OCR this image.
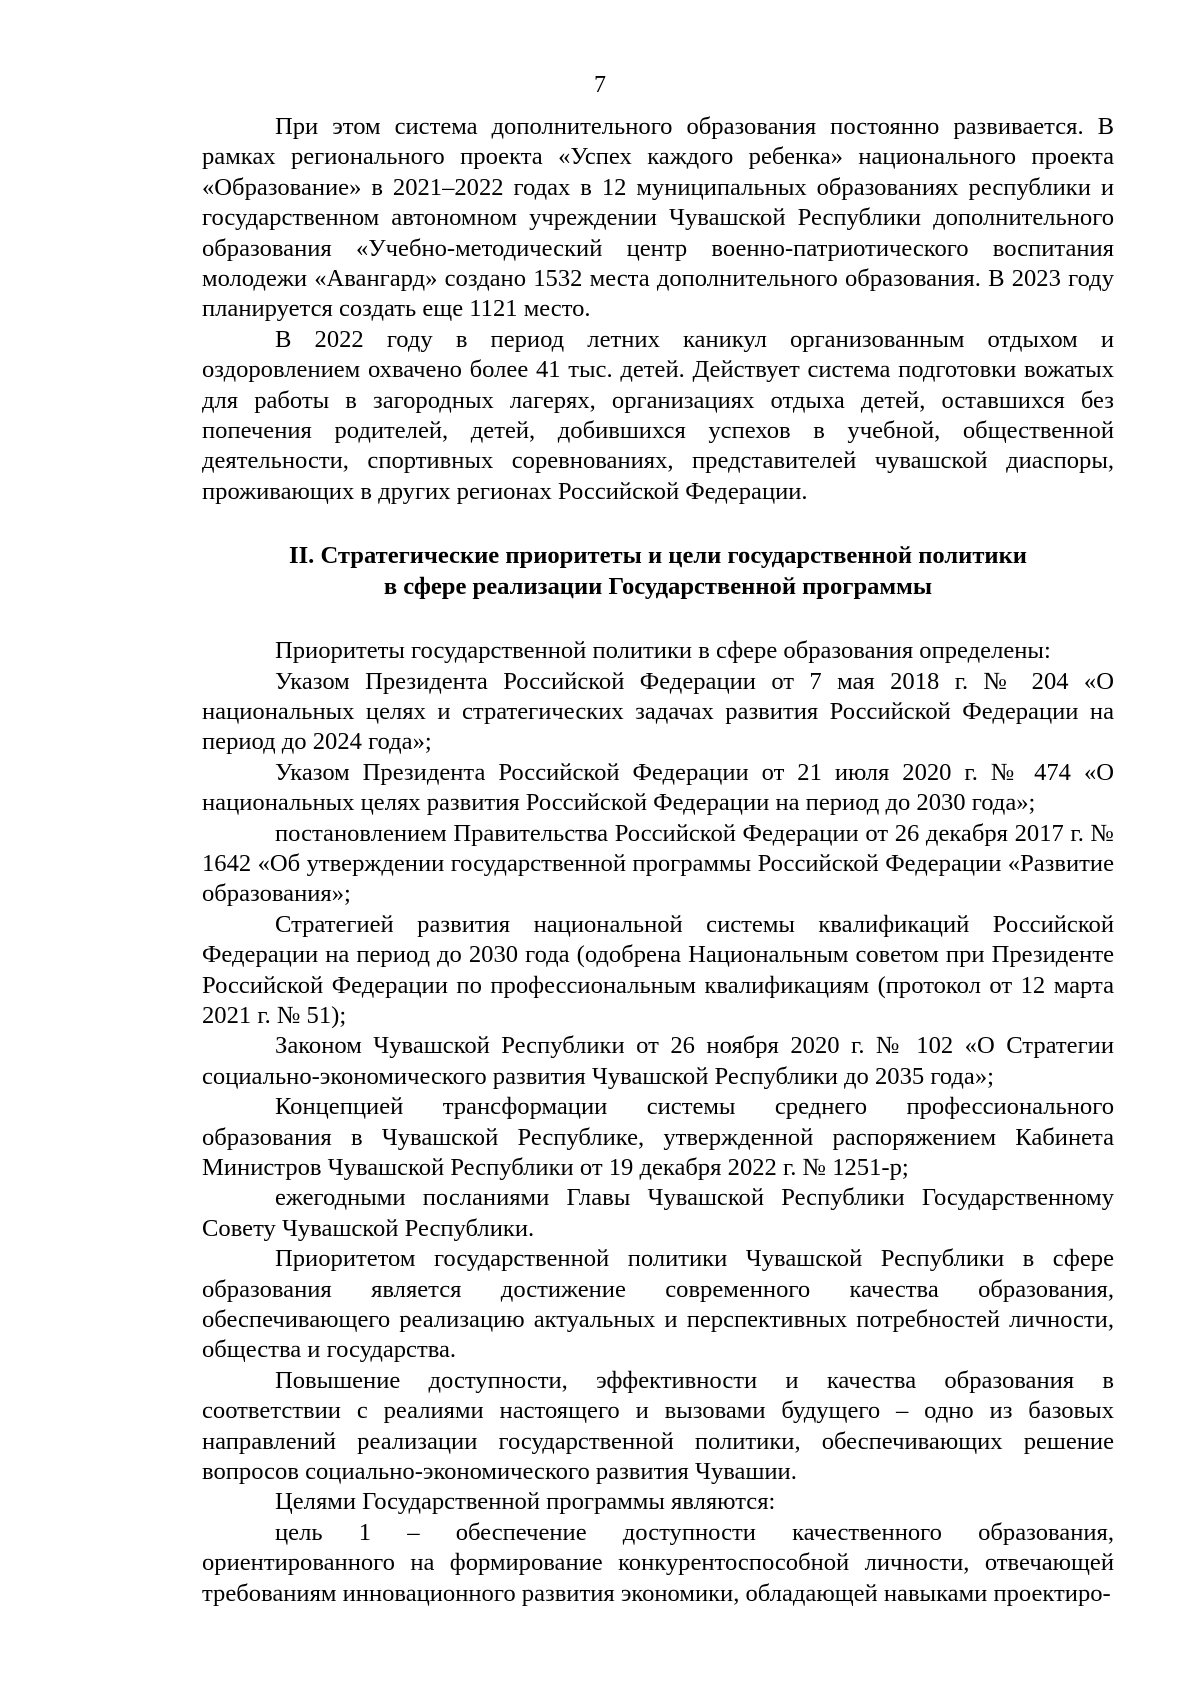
7

При этом система дополнительного образования постоянно развивается. В рамках регионального проекта «Успех каждого ребенка» национального проекта «Образование» в 2021–2022 годах в 12 муниципальных образованиях республики и государственном автономном учреждении Чувашской Республики дополнительного образования «Учебно-методический центр военно-патриотического воспитания молодежи «Авангард» создано 1532 места дополнительного образования. В 2023 году планируется создать еще 1121 место.

В 2022 году в период летних каникул организованным отдыхом и оздоровлением охвачено более 41 тыс. детей. Действует система подготовки вожатых для работы в загородных лагерях, организациях отдыха детей, оставшихся без попечения родителей, детей, добившихся успехов в учебной, общественной деятельности, спортивных соревнованиях, представителей чувашской диаспоры, проживающих в других регионах Российской Федерации.

II. Стратегические приоритеты и цели государственной политики
в сфере реализации Государственной программы

Приоритеты государственной политики в сфере образования определены:

Указом Президента Российской Федерации от 7 мая 2018 г. № 204 «О национальных целях и стратегических задачах развития Российской Федерации на период до 2024 года»;

Указом Президента Российской Федерации от 21 июля 2020 г. № 474 «О национальных целях развития Российской Федерации на период до 2030 года»;

постановлением Правительства Российской Федерации от 26 декабря 2017 г. № 1642 «Об утверждении государственной программы Российской Федерации «Развитие образования»;

Стратегией развития национальной системы квалификаций Российской Федерации на период до 2030 года (одобрена Национальным советом при Президенте Российской Федерации по профессиональным квалификациям (протокол от 12 марта 2021 г. № 51);

Законом Чувашской Республики от 26 ноября 2020 г. № 102 «О Стратегии социально-экономического развития Чувашской Республики до 2035 года»;

Концепцией трансформации системы среднего профессионального образования в Чувашской Республике, утвержденной распоряжением Кабинета Министров Чувашской Республики от 19 декабря 2022 г. № 1251-р;

ежегодными посланиями Главы Чувашской Республики Государственному Совету Чувашской Республики.

Приоритетом государственной политики Чувашской Республики в сфере образования является достижение современного качества образования, обеспечивающего реализацию актуальных и перспективных потребностей личности, общества и государства.

Повышение доступности, эффективности и качества образования в соответствии с реалиями настоящего и вызовами будущего – одно из базовых направлений реализации государственной политики, обеспечивающих решение вопросов социально-экономического развития Чувашии.

Целями Государственной программы являются:

цель 1 – обеспечение доступности качественного образования, ориентированного на формирование конкурентоспособной личности, отвечающей требованиям инновационного развития экономики, обладающей навыками проектиро-
